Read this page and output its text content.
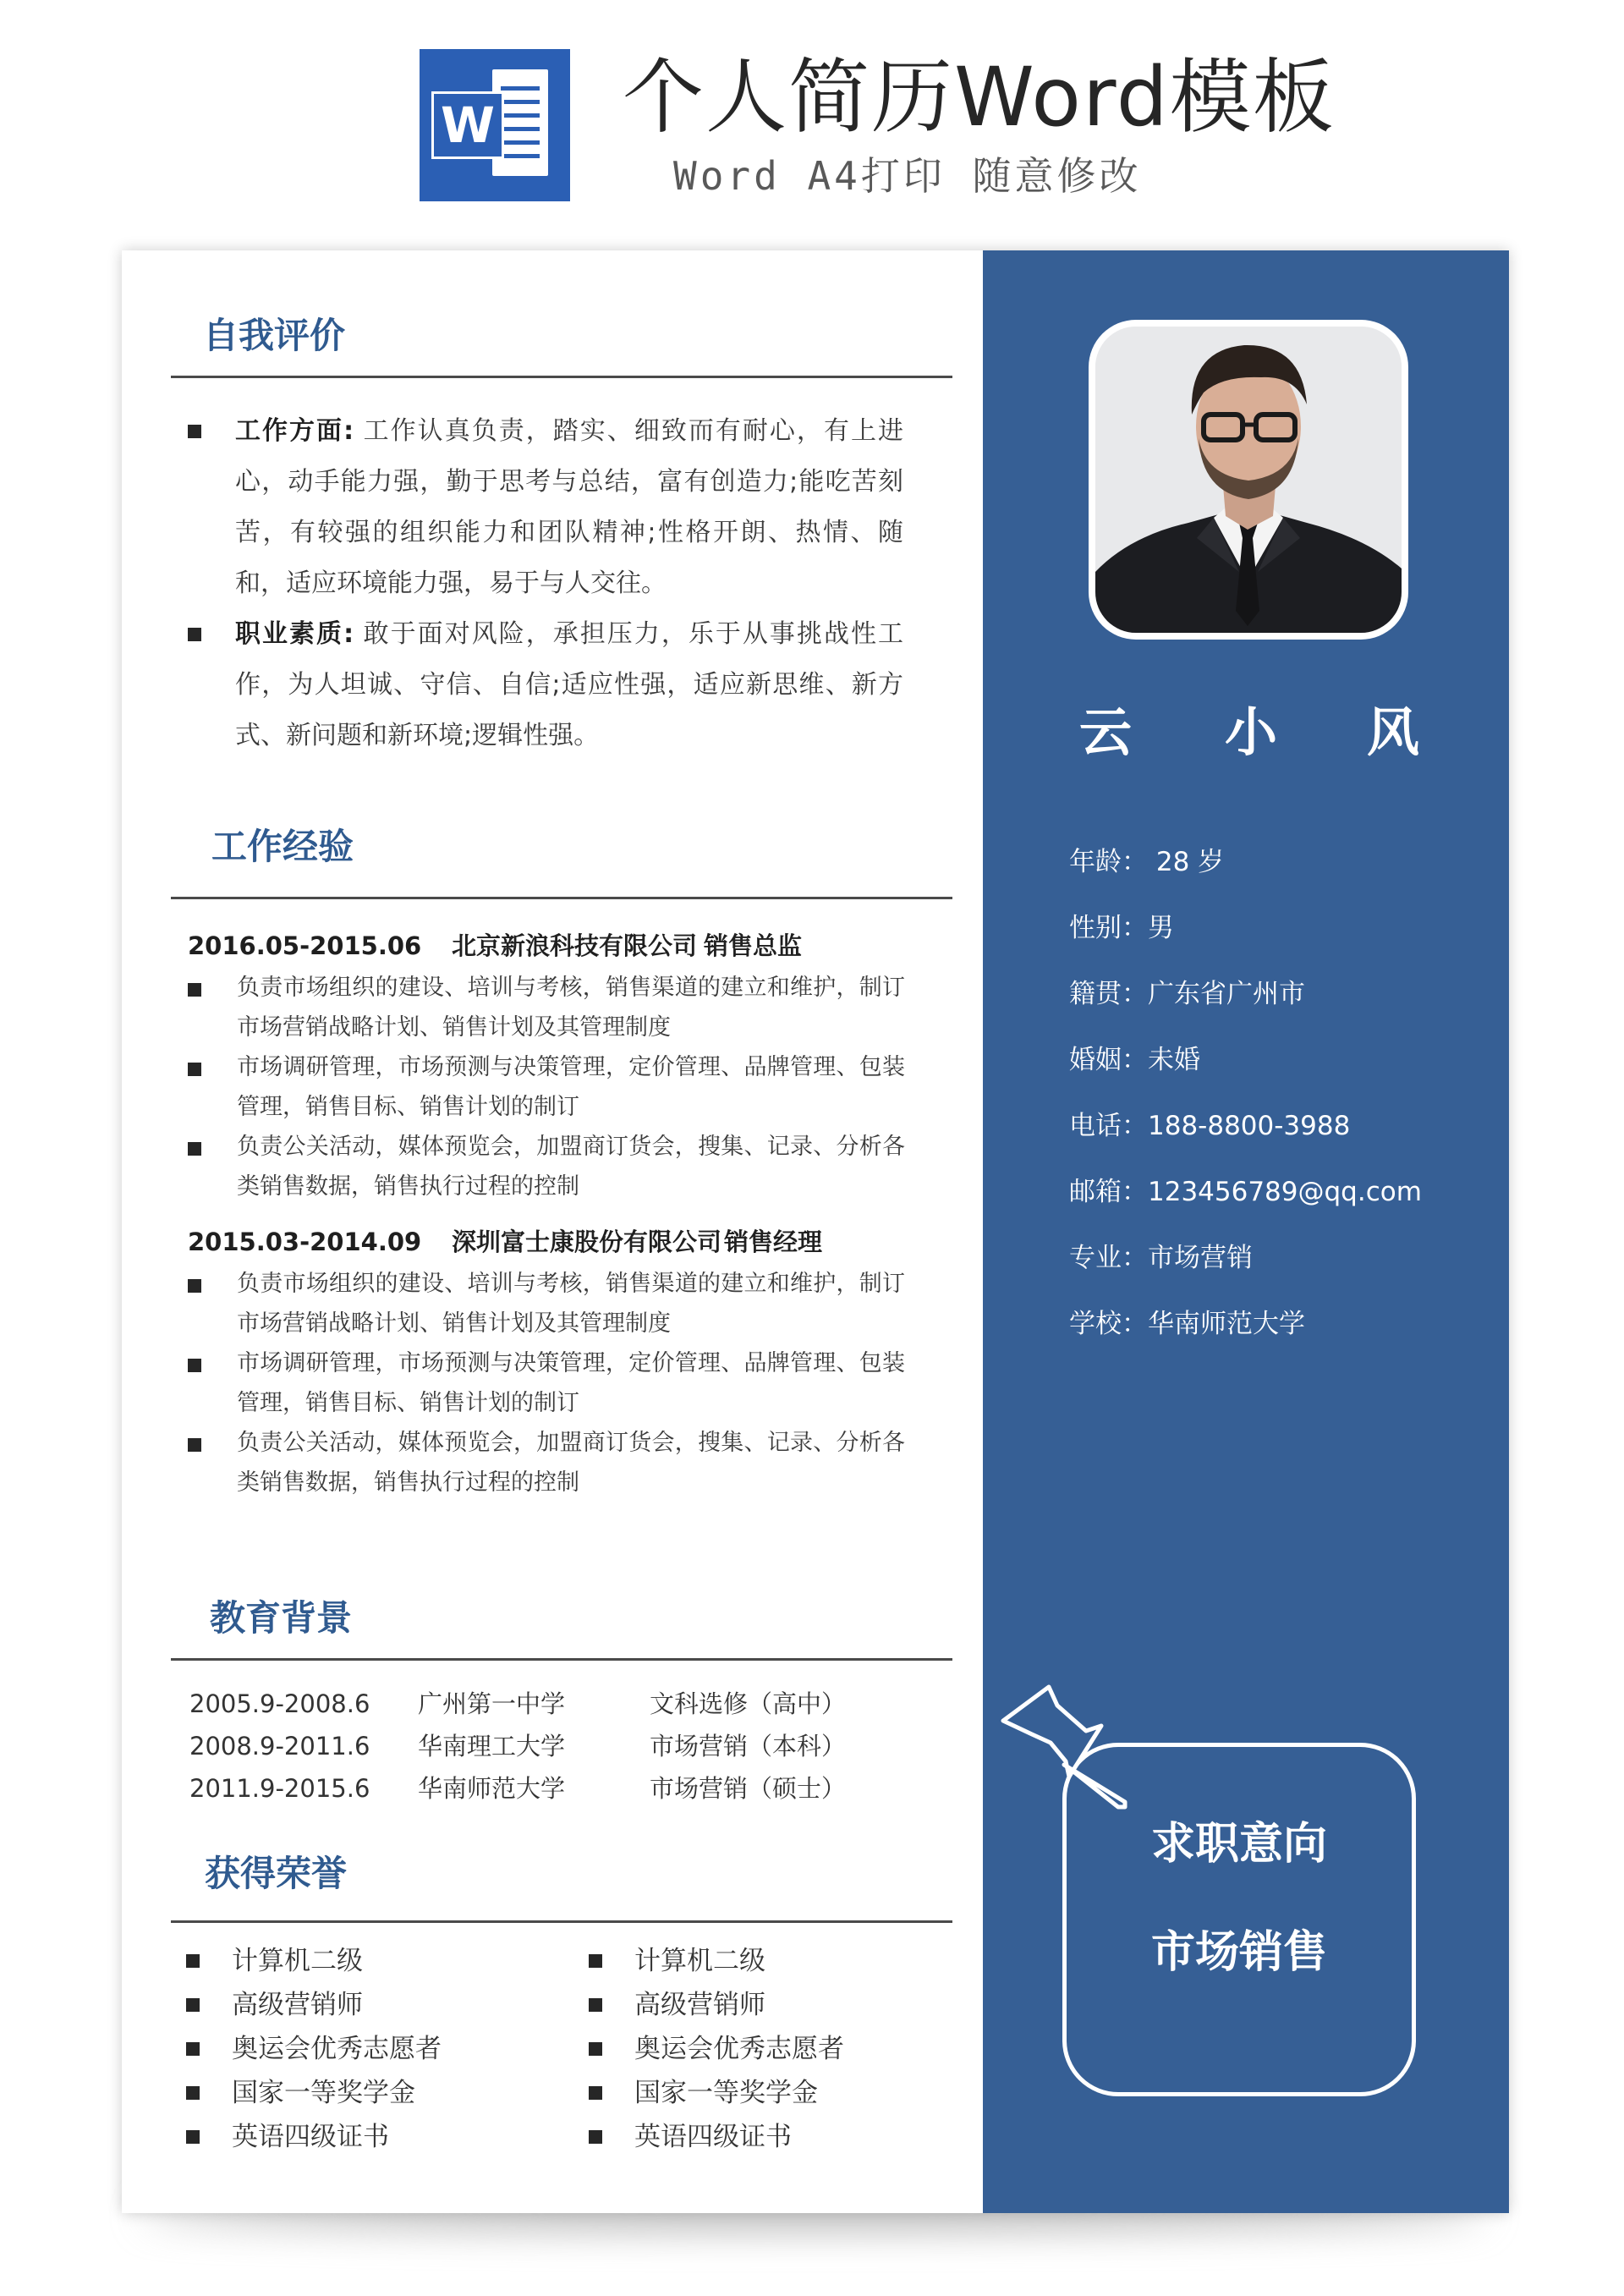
W 个人简历Word模板
Word A4打印 随意修改
自我评价
工作方面: 工作认真负责，踏实、细致而有耐心，有上进心，动手能力强，勤于思考与总结，富有创造力;能吃苦刻苦，有较强的组织能力和团队精神;性格开朗、热情、随和，适应环境能力强，易于与人交往。
职业素质: 敢于面对风险，承担压力，乐于从事挑战性工作，为人坦诚、守信、自信;适应性强，适应新思维、新方式、新问题和新环境;逻辑性强。
工作经验
2016.05-2015.06 北京新浪科技有限公司 销售总监
负责市场组织的建设、培训与考核，销售渠道的建立和维护，制订市场营销战略计划、销售计划及其管理制度
市场调研管理，市场预测与决策管理，定价管理、品牌管理、包装管理，销售目标、销售计划的制订
负责公关活动，媒体预览会，加盟商订货会，搜集、记录、分析各类销售数据，销售执行过程的控制
2015.03-2014.09 深圳富士康股份有限公司 销售经理
负责市场组织的建设、培训与考核，销售渠道的建立和维护，制订市场营销战略计划、销售计划及其管理制度
市场调研管理，市场预测与决策管理，定价管理、品牌管理、包装管理，销售目标、销售计划的制订
负责公关活动，媒体预览会，加盟商订货会，搜集、记录、分析各类销售数据，销售执行过程的控制
教育背景
2005.9-2008.6 广州第一中学	文科选修（高中）
2008.9-2011.6 华南理工大学	市场营销（本科）
2011.9-2015.6 华南师范大学	市场营销（硕士）
获得荣誉
计算机二级
高级营销师
奥运会优秀志愿者
国家一等奖学金
英语四级证书
计算机二级
高级营销师
奥运会优秀志愿者
国家一等奖学金
英语四级证书
云 小 风
年龄： 28 岁
性别：男
籍贯：广东省广州市
婚姻：未婚
电话：188-8800-3988
邮箱：123456789@qq.com
专业：市场营销
学校：华南师范大学
求职意向
市场销售
